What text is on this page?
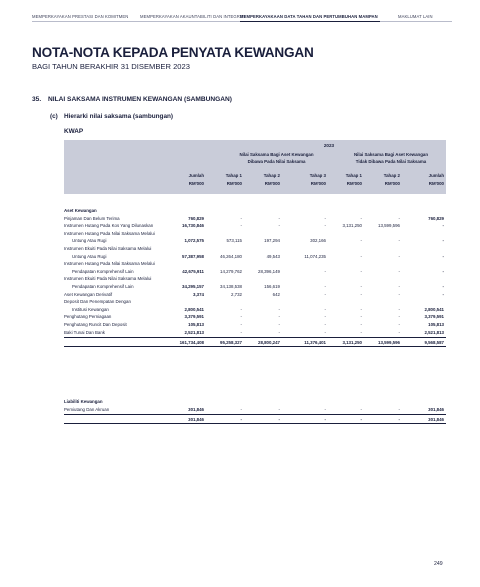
MEMPERKAYAKAN PRESTASI DAN KOMITMEN	MEMPERKAYAKAN AKAUNTABILITI DAN INTEGRITI
MEMPERKAYAKAAN DATA TAHAN DAN PERTUMBUHAN MAMPAN	MAKLUMAT LAIN
NOTA-NOTA KEPADA PENYATA KEWANGAN
BAGI TAHUN BERAKHIR 31 DISEMBER 2023
35. NILAI SAKSAMA INSTRUMEN KEWANGAN (SAMBUNGAN)
(c) Hierarki nilai saksama (sambungan)
KWAP
2023
Nilai Saksama Bagi Aset Kewangan
Dibawa Pada Nilai Saksama
Nilai Saksama Bagi Aset Kewangan
Tidak Dibawa Pada Nilai Saksama
Jumlah
RM'000
Tahap 1
RM'000
Tahap 2
RM'000
Tahap 3
RM'000
Tahap 1
RM'000
Tahap 2
RM'000
Jumlah
RM'000
Aset Kewangan
Pinjaman Dan Belum Terima	760,829	-	-	-	-	-	760,829
Instrumen Hutang Pada Kos Yang Dilunaskan	16,730,846	-	-	-	3,131,250	13,599,596	-
Instrumen Hutang Pada Nilai Saksama Melalui
Untung Atau Rugi	1,072,575	573,115	197,294	302,166	-	-	-
Instrumen Ekuiti Pada Nilai Saksama Melalui
Untung Atau Rugi	57,387,958	46,264,180	49,543	11,074,235	-	-	-
Instrumen Hutang Pada Nilai Saksama Melalui
Pendapatan Komprehensif Lain	42,675,911	14,279,762	28,396,149	-	-	-	-
Instrumen Ekuiti Pada Nilai Saksama Melalui
Pendapatan Komprehensif Lain	34,295,157	34,138,538	156,619	-	-	-	-
Aset Kewangan Derivatif	3,374	2,732	642	-	-	-	-
Deposit Dan Penempatan Dengan
Institusi Kewangan	2,800,541	-	-	-	-	-	2,800,541
Penghutang Perniagaan	3,379,591	-	-	-	-	-	3,379,591
Penghutang Runcit Dan Deposit	105,813	-	-	-	-	-	105,813
Baki Tunai Dan Bank	2,521,813	-	-	-	-	-	2,521,813
161,734,408	95,258,327	28,800,247	11,376,401	3,131,250	13,599,596	9,568,587
Liabiliti Kewangan
Pemiutang Dan Akruan	301,846	-	-	-	-	-	301,846
301,846	-	-	-	-	-	301,846
249
